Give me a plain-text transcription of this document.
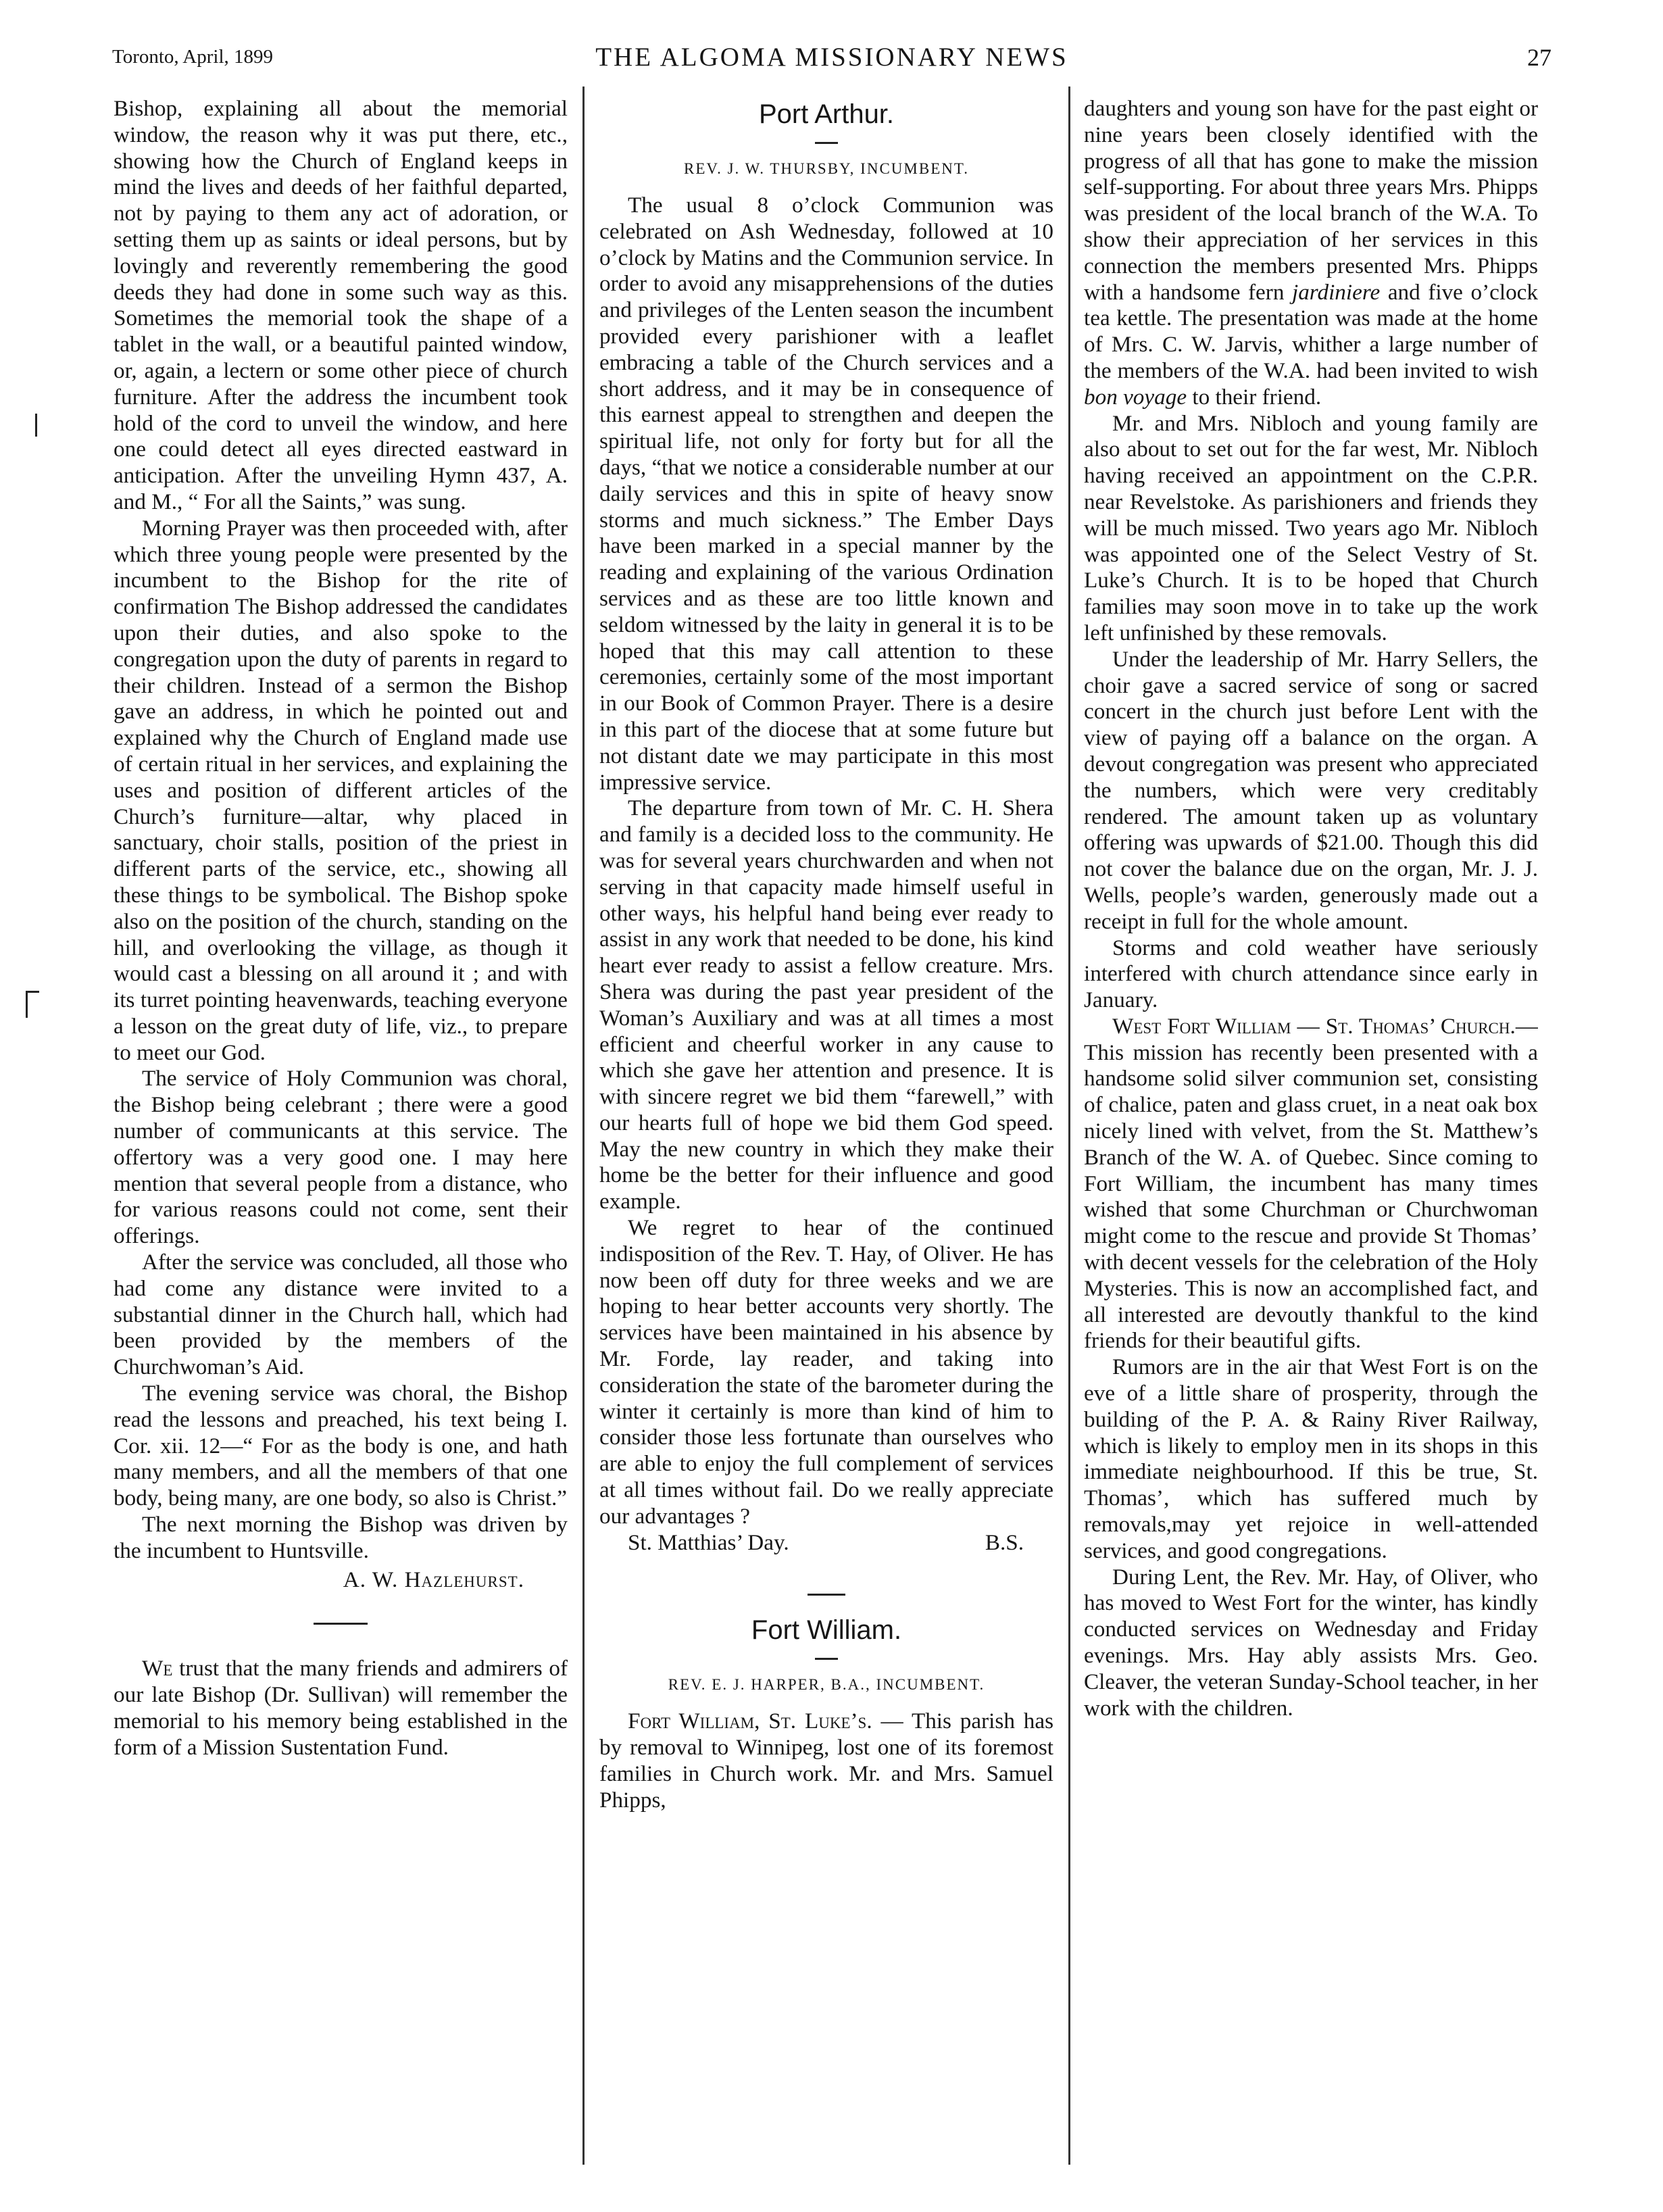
Toronto, April, 1899	THE ALGOMA MISSIONARY NEWS	27

Bishop, explaining all about the memorial window, the reason why it was put there, etc., showing how the Church of England keeps in mind the lives and deeds of her faithful departed, not by paying to them any act of adoration, or setting them up as saints or ideal persons, but by lovingly and reverently remembering the good deeds they had done in some such way as this. Sometimes the memorial took the shape of a tablet in the wall, or a beautiful painted window, or, again, a lectern or some other piece of church furniture. After the address the incumbent took hold of the cord to unveil the window, and here one could detect all eyes directed eastward in anticipation. After the unveiling Hymn 437, A. and M., “ For all the Saints,” was sung.

Morning Prayer was then proceeded with, after which three young people were presented by the incumbent to the Bishop for the rite of confirmation The Bishop addressed the candidates upon their duties, and also spoke to the congregation upon the duty of parents in regard to their children. Instead of a sermon the Bishop gave an address, in which he pointed out and explained why the Church of England made use of certain ritual in her services, and explaining the uses and position of different articles of the Church’s furniture—altar, why placed in sanctuary, choir stalls, position of the priest in different parts of the service, etc., showing all these things to be symbolical. The Bishop spoke also on the position of the church, standing on the hill, and overlooking the village, as though it would cast a blessing on all around it ; and with its turret pointing heavenwards, teaching everyone a lesson on the great duty of life, viz., to prepare to meet our God.

The service of Holy Communion was choral, the Bishop being celebrant ; there were a good number of communicants at this service. The offertory was a very good one. I may here mention that several people from a distance, who for various reasons could not come, sent their offerings.

After the service was concluded, all those who had come any distance were invited to a substantial dinner in the Church hall, which had been provided by the members of the Churchwoman’s Aid.

The evening service was choral, the Bishop read the lessons and preached, his text being I. Cor. xii. 12—“ For as the body is one, and hath many members, and all the members of that one body, being many, are one body, so also is Christ.”

The next morning the Bishop was driven by the incumbent to Huntsville.

A. W. Hazlehurst.

We trust that the many friends and admirers of our late Bishop (Dr. Sullivan) will remember the memorial to his memory being established in the form of a Mission Sustentation Fund.

Port Arthur.
REV. J. W. THURSBY, INCUMBENT.

The usual 8 o’clock Communion was celebrated on Ash Wednesday, followed at 10 o’clock by Matins and the Communion service. In order to avoid any misapprehensions of the duties and privileges of the Lenten season the incumbent provided every parishioner with a leaflet embracing a table of the Church services and a short address, and it may be in consequence of this earnest appeal to strengthen and deepen the spiritual life, not only for forty but for all the days, “that we notice a considerable number at our daily services and this in spite of heavy snow storms and much sickness.” The Ember Days have been marked in a special manner by the reading and explaining of the various Ordination services and as these are too little known and seldom witnessed by the laity in general it is to be hoped that this may call attention to these ceremonies, certainly some of the most important in our Book of Common Prayer. There is a desire in this part of the diocese that at some future but not distant date we may participate in this most impressive service.

The departure from town of Mr. C. H. Shera and family is a decided loss to the community. He was for several years churchwarden and when not serving in that capacity made himself useful in other ways, his helpful hand being ever ready to assist in any work that needed to be done, his kind heart ever ready to assist a fellow creature. Mrs. Shera was during the past year president of the Woman’s Auxiliary and was at all times a most efficient and cheerful worker in any cause to which she gave her attention and presence. It is with sincere regret we bid them “farewell,” with our hearts full of hope we bid them God speed. May the new country in which they make their home be the better for their influence and good example.

We regret to hear of the continued indisposition of the Rev. T. Hay, of Oliver. He has now been off duty for three weeks and we are hoping to hear better accounts very shortly. The services have been maintained in his absence by Mr. Forde, lay reader, and taking into consideration the state of the barometer during the winter it certainly is more than kind of him to consider those less fortunate than ourselves who are able to enjoy the full complement of services at all times without fail. Do we really appreciate our advantages ?

St. Matthias’ Day.	B.S.
Fort William.
REV. E. J. HARPER, B.A., INCUMBENT.

Fort William, St. Luke’s. — This parish has by removal to Winnipeg, lost one of its foremost families in Church work. Mr. and Mrs. Samuel Phipps,

daughters and young son have for the past eight or nine years been closely identified with the progress of all that has gone to make the mission self-supporting. For about three years Mrs. Phipps was president of the local branch of the W.A. To show their appreciation of her services in this connection the members presented Mrs. Phipps with a handsome fern jardiniere and five o’clock tea kettle. The presentation was made at the home of Mrs. C. W. Jarvis, whither a large number of the members of the W.A. had been invited to wish bon voyage to their friend.

Mr. and Mrs. Nibloch and young family are also about to set out for the far west, Mr. Nibloch having received an appointment on the C.P.R. near Revelstoke. As parishioners and friends they will be much missed. Two years ago Mr. Nibloch was appointed one of the Select Vestry of St. Luke’s Church. It is to be hoped that Church families may soon move in to take up the work left unfinished by these removals.

Under the leadership of Mr. Harry Sellers, the choir gave a sacred service of song or sacred concert in the church just before Lent with the view of paying off a balance on the organ. A devout congregation was present who appreciated the numbers, which were very creditably rendered. The amount taken up as voluntary offering was upwards of $21.00. Though this did not cover the balance due on the organ, Mr. J. J. Wells, people’s warden, generously made out a receipt in full for the whole amount.

Storms and cold weather have seriously interfered with church attendance since early in January.

West Fort William — St. Thomas’ Church.—This mission has recently been presented with a handsome solid silver communion set, consisting of chalice, paten and glass cruet, in a neat oak box nicely lined with velvet, from the St. Matthew’s Branch of the W. A. of Quebec. Since coming to Fort William, the incumbent has many times wished that some Churchman or Churchwoman might come to the rescue and provide St Thomas’ with decent vessels for the celebration of the Holy Mysteries. This is now an accomplished fact, and all interested are devoutly thankful to the kind friends for their beautiful gifts.

Rumors are in the air that West Fort is on the eve of a little share of prosperity, through the building of the P. A. & Rainy River Railway, which is likely to employ men in its shops in this immediate neighbourhood. If this be true, St. Thomas’, which has suffered much by removals,may yet rejoice in well-attended services, and good congregations.

During Lent, the Rev. Mr. Hay, of Oliver, who has moved to West Fort for the winter, has kindly conducted services on Wednesday and Friday evenings. Mrs. Hay ably assists Mrs. Geo. Cleaver, the veteran Sunday-School teacher, in her work with the children.
